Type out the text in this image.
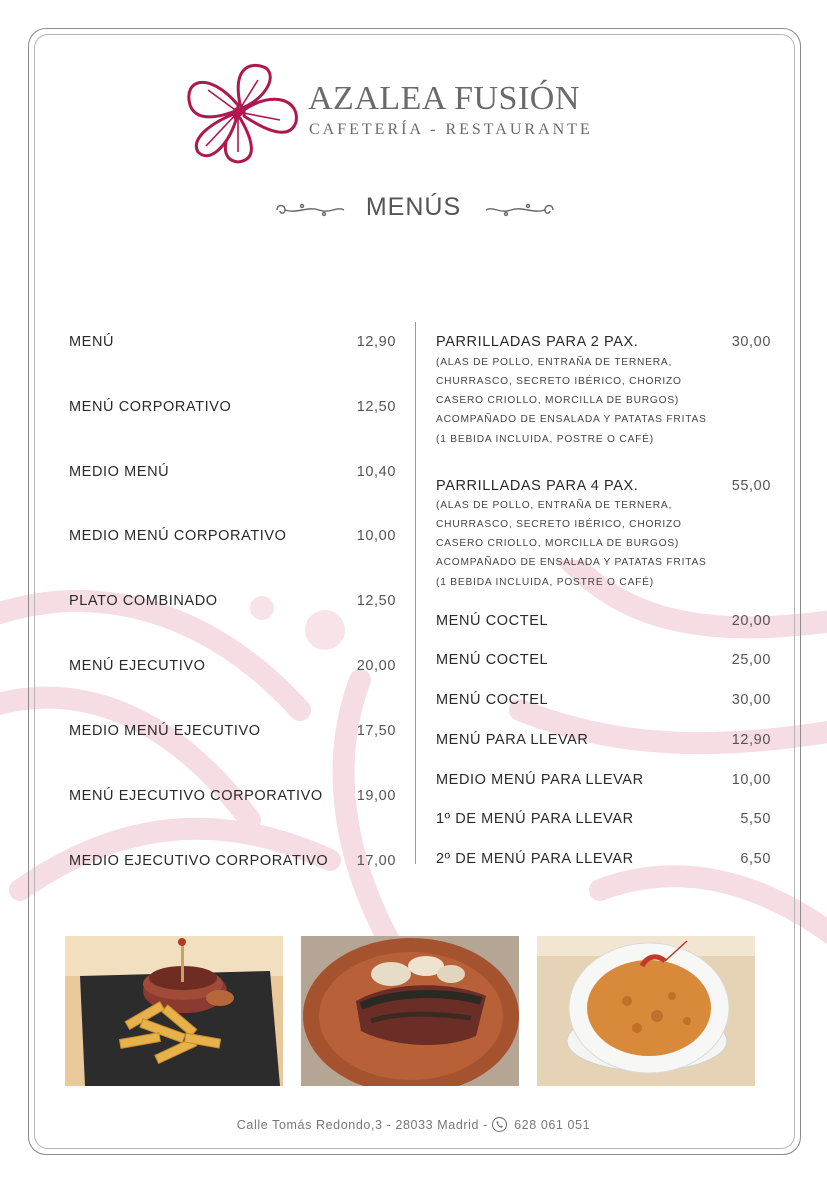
AZALEA FUSIÓN
CAFETERÍA - RESTAURANTE
MENÚS
MENÚ	12,90
MENÚ CORPORATIVO	12,50
MEDIO MENÚ	10,40
MEDIO MENÚ CORPORATIVO	10,00
PLATO COMBINADO	12,50
MENÚ EJECUTIVO	20,00
MEDIO MENÚ EJECUTIVO	17,50
MENÚ EJECUTIVO CORPORATIVO 19,00
MEDIO EJECUTIVO CORPORATIVO 17,00
PARRILLADAS PARA 2 PAX.	30,00
(ALAS DE POLLO, ENTRAÑA DE TERNERA,
CHURRASCO, SECRETO IBÉRICO, CHORIZO
CASERO CRIOLLO, MORCILLA DE BURGOS)
ACOMPAÑADO DE ENSALADA Y PATATAS FRITAS
(1 BEBIDA INCLUIDA, POSTRE O CAFÉ)
PARRILLADAS PARA 4 PAX.	55,00
(ALAS DE POLLO, ENTRAÑA DE TERNERA,
CHURRASCO, SECRETO IBÉRICO, CHORIZO
CASERO CRIOLLO, MORCILLA DE BURGOS)
ACOMPAÑADO DE ENSALADA Y PATATAS FRITAS
(1 BEBIDA INCLUIDA, POSTRE O CAFÉ)
MENÚ COCTEL	20,00
MENÚ COCTEL	25,00
MENÚ COCTEL	30,00
MENÚ PARA LLEVAR	12,90
MEDIO MENÚ PARA LLEVAR	10,00
1º DE MENÚ PARA LLEVAR	5,50
2º DE MENÚ PARA LLEVAR	6,50
Calle Tomás Redondo,3 - 28033 Madrid - 628 061 051
